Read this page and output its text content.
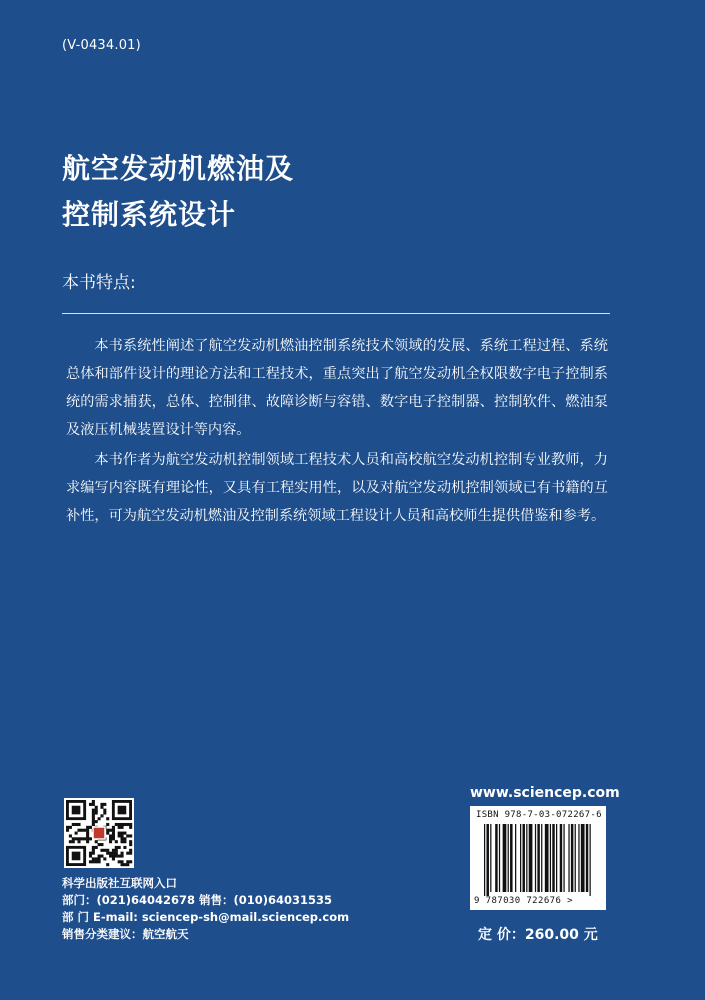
(V-0434.01)
航空发动机燃油及
控制系统设计
本书特点:

本书系统性阐述了航空发动机燃油控制系统技术领域的发展、系统工程过程、系统总体和部件设计的理论方法和工程技术，重点突出了航空发动机全权限数字电子控制系统的需求捕获，总体、控制律、故障诊断与容错、数字电子控制器、控制软件、燃油泵及液压机械装置设计等内容。

本书作者为航空发动机控制领域工程技术人员和高校航空发动机控制专业教师，力求编写内容既有理论性，又具有工程实用性，以及对航空发动机控制领域已有书籍的互补性，可为航空发动机燃油及控制系统领域工程设计人员和高校师生提供借鉴和参考。

科学出版社互联网入口
部门：(021)64042678 销售：(010)64031535
部 门 E-mail: sciencep-sh@mail.sciencep.com
销售分类建议：航空航天
www.sciencep.com
ISBN 978-7-03-072267-6
9 787030 722676 >
定 价：260.00 元
